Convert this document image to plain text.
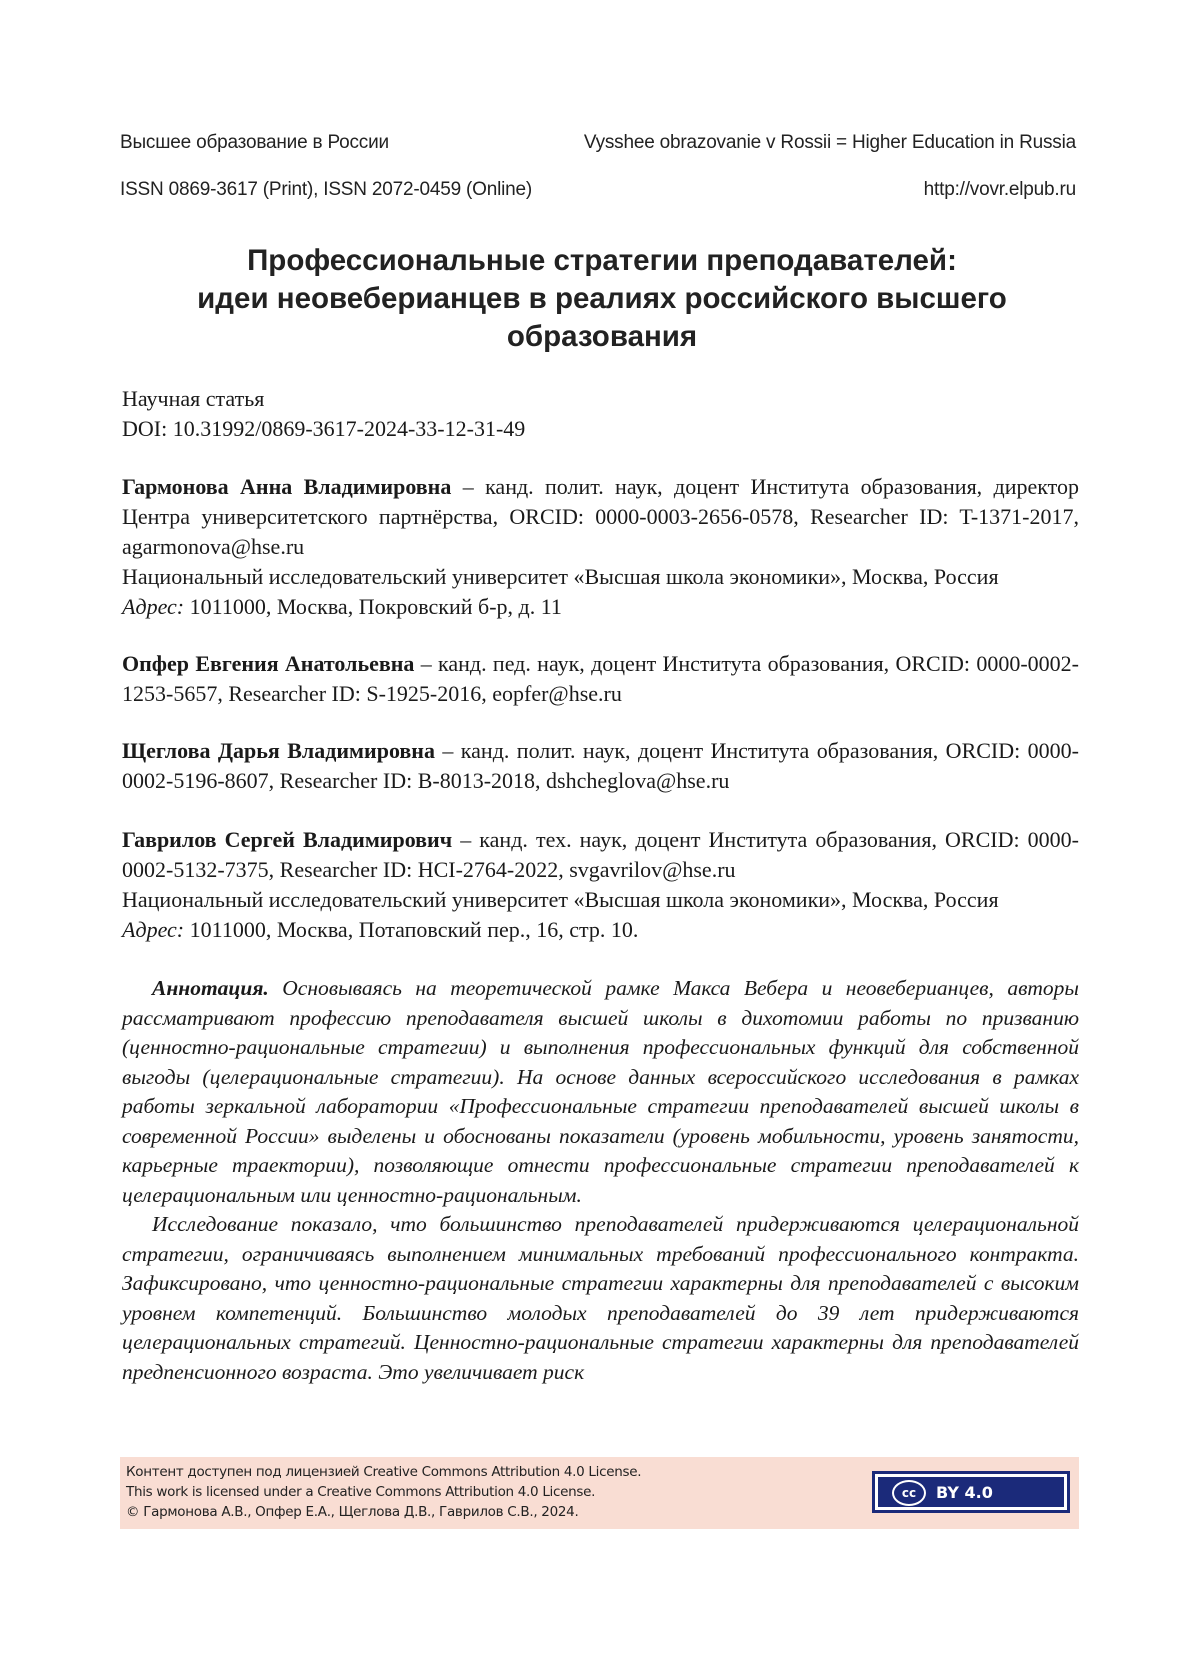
Высшее образование в России	Vysshee obrazovanie v Rossii = Higher Education in Russia
ISSN 0869-3617 (Print), ISSN 2072-0459 (Online)	http://vovr.elpub.ru
Профессиональные стратегии преподавателей:
идеи неовеберианцев в реалиях российского высшего
образования
Научная статья
DOI: 10.31992/0869-3617-2024-33-12-31-49

Гармонова Анна Владимировна – канд. полит. наук, доцент Института образования, директор Центра университетского партнёрства, ORCID: 0000-0003-2656-0578, Researcher ID: T-1371-2017, agarmonova@hse.ru

Национальный исследовательский университет «Высшая школа экономики», Москва, Россия

Адрес: 1011000, Москва, Покровский б-р, д. 11

Опфер Евгения Анатольевна – канд. пед. наук, доцент Института образования, ORCID: 0000-0002-1253-5657, Researcher ID: S-1925-2016, eopfer@hse.ru

Щеглова Дарья Владимировна – канд. полит. наук, доцент Института образования, ORCID: 0000-0002-5196-8607, Researcher ID: B-8013-2018, dshcheglova@hse.ru

Гаврилов Сергей Владимирович – канд. тех. наук, доцент Института образования, ORCID: 0000-0002-5132-7375, Researcher ID: HCI-2764-2022, svgavrilov@hse.ru

Национальный исследовательский университет «Высшая школа экономики», Москва, Россия

Адрес: 1011000, Москва, Потаповский пер., 16, стр. 10.

Аннотация. Основываясь на теоретической рамке Макса Вебера и неовеберианцев, авторы рассматривают профессию преподавателя высшей школы в дихотомии работы по призванию (ценностно-рациональные стратегии) и выполнения профессиональных функций для собственной выгоды (целерациональные стратегии). На основе данных всероссийского исследования в рамках работы зеркальной лаборатории «Профессиональные стратегии преподавателей высшей школы в современной России» выделены и обоснованы показатели (уровень мобильности, уровень занятости, карьерные траектории), позволяющие отнести профессиональные стратегии преподавателей к целерациональным или ценностно-рациональным.

Исследование показало, что большинство преподавателей придерживаются целерациональной стратегии, ограничиваясь выполнением минимальных требований профессионального контракта. Зафиксировано, что ценностно-рациональные стратегии характерны для преподавателей с высоким уровнем компетенций. Большинство молодых преподавателей до 39 лет придерживаются целерациональных стратегий. Ценностно-рациональные стратегии характерны для преподавателей предпенсионного возраста. Это увеличивает риск

Контент доступен под лицензией Creative Commons Attribution 4.0 License.
This work is licensed under a Creative Commons Attribution 4.0 License.
© Гармонова А.В., Опфер Е.А., Щеглова Д.В., Гаврилов С.В., 2024.
cc	BY 4.0
